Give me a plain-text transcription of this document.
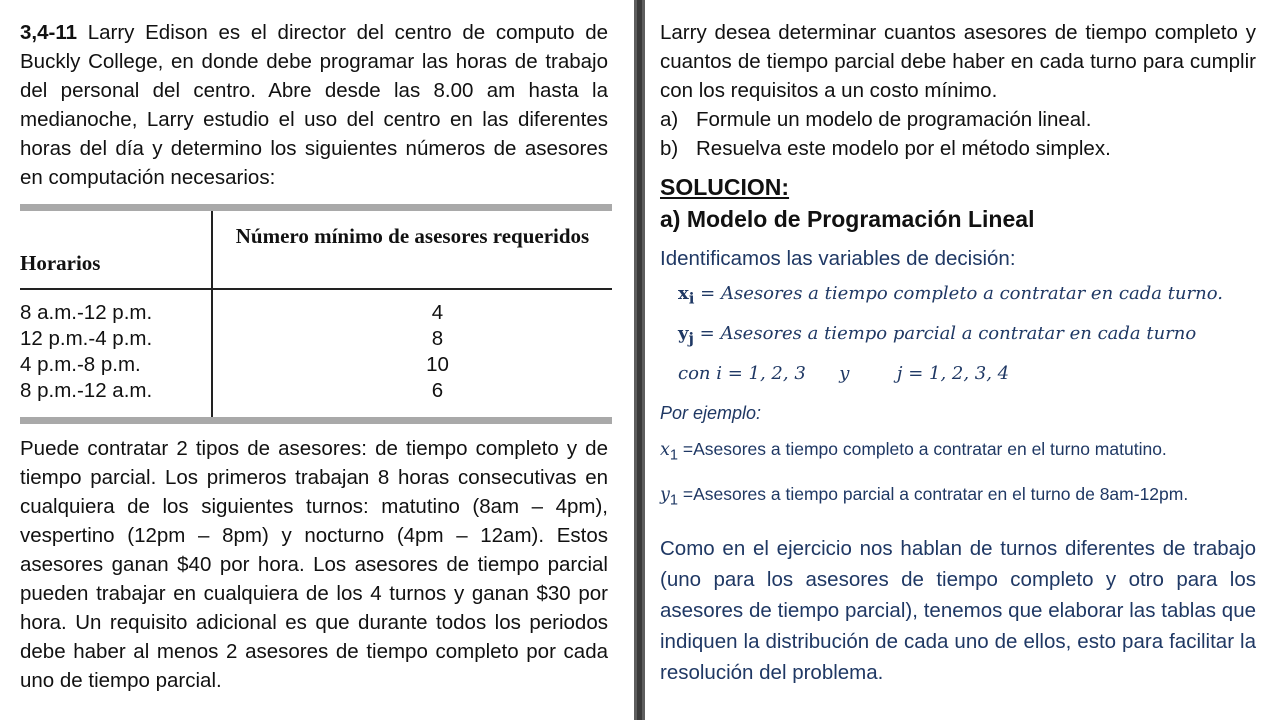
3,4-11 Larry Edison es el director del centro de computo de Buckly College, en donde debe programar las horas de trabajo del personal del centro. Abre desde las 8.00 am hasta la medianoche, Larry estudio el uso del centro en las diferentes horas del día y determino los siguientes números de asesores en computación necesarios:

Horarios
Número mínimo de asesores requeridos
8 a.m.-12 p.m.
12 p.m.-4 p.m.
4 p.m.-8 p.m.
8 p.m.-12 a.m.
4
8
10
6

Puede contratar 2 tipos de asesores: de tiempo completo y de tiempo parcial. Los primeros trabajan 8 horas consecutivas en cualquiera de los siguientes turnos: matutino (8am – 4pm), vespertino (12pm – 8pm) y nocturno (4pm – 12am). Estos asesores ganan $40 por hora. Los asesores de tiempo parcial pueden trabajar en cualquiera de los 4 turnos y ganan $30 por hora. Un requisito adicional es que durante todos los periodos debe haber al menos 2 asesores de tiempo completo por cada uno de tiempo parcial.

Larry desea determinar cuantos asesores de tiempo completo y cuantos de tiempo parcial debe haber en cada turno para cumplir con los requisitos a un costo mínimo.

a) Formule un modelo de programación lineal.
b) Resuelva este modelo por el método simplex.
SOLUCION:
a) Modelo de Programación Lineal
Identificamos las variables de decisión:
$x_i$ = Asesores a tiempo completo a contratar en cada turno.
$y_j$ = Asesores a tiempo parcial a contratar en cada turno
con i = 1, 2, 3 y	j = 1, 2, 3, 4
Por ejemplo:
$x_1$ =Asesores a tiempo completo a contratar en el turno matutino.
$y_1$ =Asesores a tiempo parcial a contratar en el turno de 8am-12pm.

Como en el ejercicio nos hablan de turnos diferentes de trabajo (uno para los asesores de tiempo completo y otro para los asesores de tiempo parcial), tenemos que elaborar las tablas que indiquen la distribución de cada uno de ellos, esto para facilitar la resolución del problema.
